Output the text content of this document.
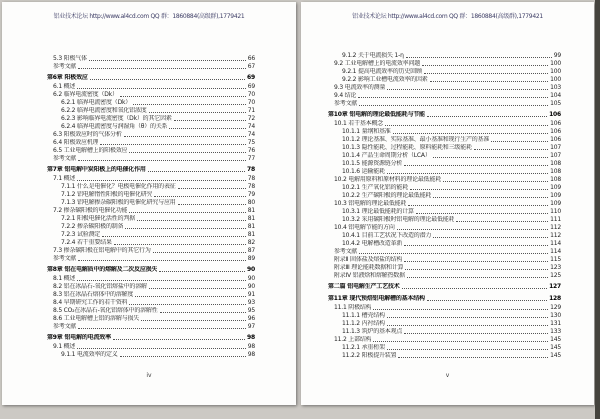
铝业技术论坛 http://www.al4cd.com QQ 群：1860884(高级群),1779421
5.3 阳极气体	66
参考文献	67
第6章 阳极效应	69
6.1 概述	69
6.2 临界电流密度（Dk）	70
6.2.1 临界电流密度（Dk）	70
6.2.2 临界电流密度和氧化铝浓度	71
6.2.3 影响临界电流密度（Dk）的其它因素	72
6.2.4 临界电流密度与润湿角（θ）的关系	74
6.3 阳极效应时的气体分析	74
6.4 阳极效应机理	75
6.5 工业电解槽上的阳极效应	76
参考文献	77
第7章 铝电解中炭阳极上的电催化作用	78
7.1 概述	78
7.1.1 什么是电催化？电极电催化作用的表征	78
7.1.2 铝电解惰性阳极的电催化研究	79
7.1.3 铝电解掺杂碳阳极的电催化研究与应用	80
7.2 掺杂碳阳极的电催化功能	81
7.2.1 阳极电催化活性的判据	81
7.2.2 掺杂碳阳极的制备	81
7.2.3 试验测定	81
7.2.4 若干重要结果	82
7.3 掺杂碳阳极在铝电解中的其它行为	87
参考文献	89
第8章 铝在电解质中的熔解及二次反应损失	90
8.1 概述	90
8.2 铝在冰晶石-氧化铝熔盐中的溶解	90
8.3 铝在冰晶石熔体中的溶解度	91
8.4 早期研究工作的若干资料	93
8.5 CO₂在冰晶石-氧化铝熔体中的溶解性	95
8.6 工业电解槽上铝的溶解与损失	96
参考文献	97
第9章 铝电解的电流效率	98
9.1 概述	98
9.1.1 电流效率的定义	98
iv
铝业技术论坛 http://www.al4cd.com QQ 群：1860884(高级群),1779421
9.1.2 关于电流损失 1-η	99
9.2 工业电解槽上的电流效率问题	100
9.2.1 提高电流效率的历史回顾	100
9.2.2 影响工业槽电流效率的因素	100
9.3 电流效率的测量	103
9.4 结论	104
参考文献	105
第10章 铝电解的理论最低能耗与节能	106
10.1 若干基本概念	106
10.1.1 量纲和基准	106
10.1.2 理论基准、实际基准、最小基准和现行生产的基准	106
10.1.3 隐性能耗、过程能耗、原料能耗和三级能耗	107
10.1.4 产品生命周期分析（LCA）	107
10.1.5 能源资源链分析	108
10.1.6 运输能耗	108
10.2 电解用原料和原材料的理论最低能耗	108
10.2.1 生产氧化铝的能耗	109
10.2.2 生产碳阳极的理论最低能耗	109
10.3 铝电解的理论最低能耗	109
10.3.1 理论最低能耗的计算	110
10.3.2 采用碳阳极时铝电解的理论最低能耗	111
10.4 铝电解节能的方向	112
10.4.1 目前工艺状况下改造的潜力	112
10.4.2 电解槽改造革新	114
参考文献	114
附录Ⅱ 固体盐及熔盐的结构	115
附录Ⅲ 理论能耗数据和计算	123
附录Ⅳ 铝液焓和熔解热数据	125
第二篇 铝电解生产工艺技术	127
第11章 现代预焙铝电解槽的基本结构	128
11.1 阴极结构	129
11.1.1 槽壳结构	130
11.1.2 内衬结构	131
11.1.3 筑炉的基本观点	133
11.2 上部结构	145
11.2.1 承重桁架	145
11.2.2 阳极提升装置	145
v
